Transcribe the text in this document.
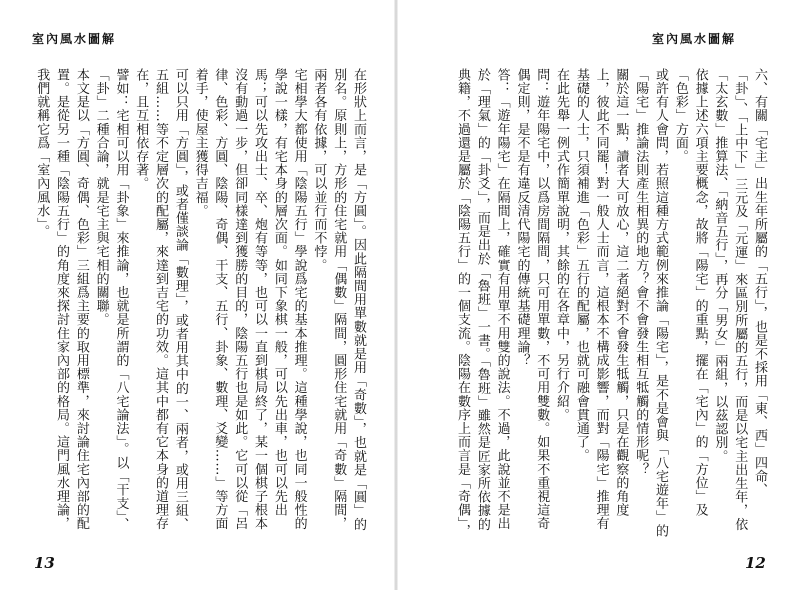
室內風水圖解

在形狀上而言，是「方圓」。因此隔間用單數就是用「奇數」，也就是「圓」的別名。原則上，方形的住宅就用「偶數」隔間，圓形住宅就用「奇數」隔間，兩者各有依據，可以並行而不悖。

宅相學大都使用「陰陽五行」學說爲宅的基本推理。這種學說，也同一般性的學說一樣，有宅本身的層次面。如同下象棋一般，可以先出車，也可以先出馬；可以先攻出士、卒、炮有等等，也可以一直到棋局終了，某一個棋子根本沒有動過一步，但卻同樣達到獲勝的目的，陰陽五行也是如此。它可以從「呂律、色彩、方圓、陰陽、奇偶、干支、五行、卦象、數理、爻變……」等方面着手，使屋主獲得吉福。

可以只用「方圓」，或者僅談論「數理」，或者用其中的一、兩者，或用三組、五組……等不定層次的配屬，來達到吉宅的功效。這其中都有它本身的道理存在，且互相依存著。

譬如：宅相可以用「卦象」來推論，也就是所謂的「八宅論法」。以「干支」、「卦」二種合論，就是宅主與宅相的關聯。

本文是以「方圓、奇偶、色彩」三組爲主要的取用標準，來討論住宅內部的配置。是從另一種「陰陽五行」的角度來探討住家內部的格局。這門風水理論，我們就稱它爲「室內風水」。

13
室內風水圖解

六、有關「宅主」出生年所屬的「五行」，也是不採用「東、西」四命、「卦」、「上中下」三元及「元運」來區別所屬的五行，而是以宅主出生年，依「太玄數」推算法、「納音五行」，再分「男女」兩組，以茲認別。

依據上述六項主要概念，故將「陽宅」的重點，擺在「宅內」的「方位」及「色彩」方面。

或許有人會問，若照這種方式範例來推論「陽宅」，是不是會與「八宅遊年」的「陽宅」推論法則產生相異的地方？會不會發生相互牴觸的情形呢？

關於這一點，讀者大可放心，這二者絕對不會發生牴觸，只是在觀察的角度上，彼此不同罷！對一般人士而言，這根本不構成影響，而對「陽宅」推理有基礎的人士，只須補進「色彩」五行的配屬，也就可融會貫通了。

在此先舉一例式作簡單說明，其餘的在各章中，另行介紹。

問：遊年陽宅中，以爲房間隔間，只可用單數，不可用雙數。如果不重視這奇偶定則，是不是有違反清代陽宅的傳統基礎理論？

答：「遊年陽宅」在隔間上，確實有用單不用雙的說法。不過，此說並不是出於「理氣」的「卦爻」，而是出於「魯班」一書。「魯班」雖然是匠家所依據的典籍，不過還是屬於「陰陽五行」的一個支流。陰陽在數序上而言是「奇偶」，

12
